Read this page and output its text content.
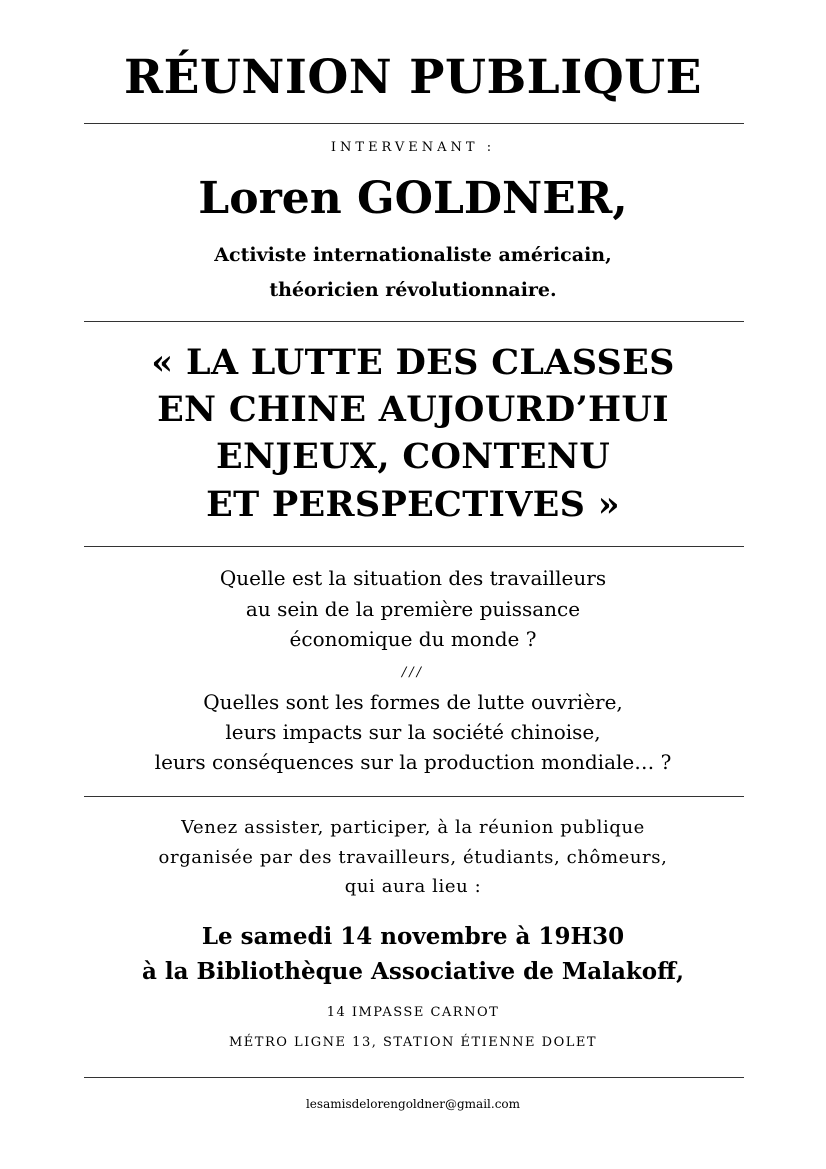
RÉUNION PUBLIQUE
INTERVENANT :
Loren GOLDNER,
Activiste internationaliste américain,
théoricien révolutionnaire.
« LA LUTTE DES CLASSES
EN CHINE AUJOURD’HUI
ENJEUX, CONTENU
ET PERSPECTIVES »
Quelle est la situation des travailleurs
au sein de la première puissance
économique du monde ?
///
Quelles sont les formes de lutte ouvrière,
leurs impacts sur la société chinoise,
leurs conséquences sur la production mondiale… ?
Venez assister, participer, à la réunion publique
organisée par des travailleurs, étudiants, chômeurs,
qui aura lieu :
Le samedi 14 novembre à 19H30
à la Bibliothèque Associative de Malakoff,
14 IMPASSE CARNOT
MÉTRO LIGNE 13, STATION ÉTIENNE DOLET
lesamisdelorengoldner@gmail.com
